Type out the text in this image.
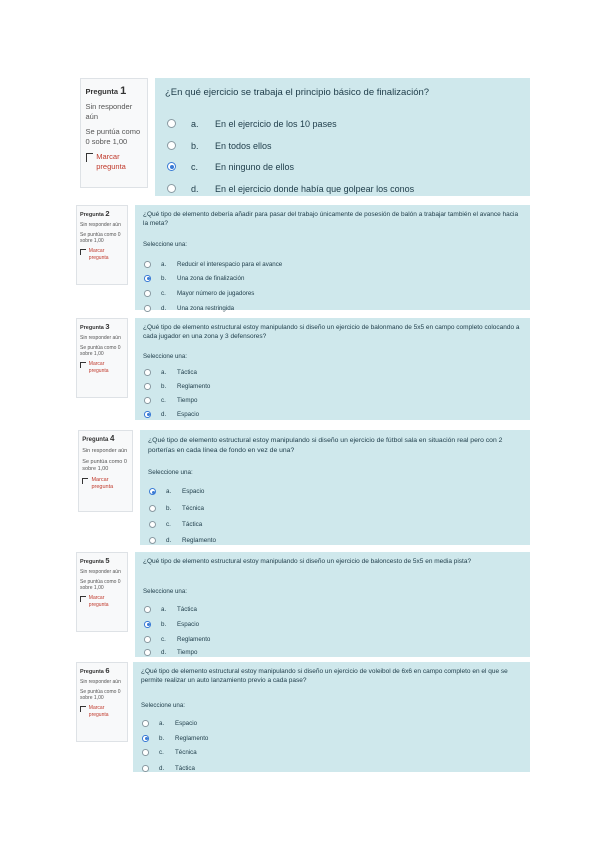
Pregunta 1
Sin responder aún
Se puntúa como 0 sobre 1,00
Marcar pregunta
¿En qué ejercicio se trabaja el principio básico de finalización?
a. En el ejercicio de los 10 pases
b. En todos ellos
c. En ninguno de ellos
d. En el ejercicio donde había que golpear los conos
Pregunta 2
Sin responder aún
Se puntúa como 0 sobre 1,00
Marcar pregunta
¿Qué tipo de elemento debería añadir para pasar del trabajo únicamente de posesión de balón a trabajar también el avance hacia la meta?
Seleccione una:
a. Reducir el interespacio para el avance
b. Una zona de finalización
c. Mayor número de jugadores
d. Una zona restringida
Pregunta 3
Sin responder aún
Se puntúa como 0 sobre 1,00
Marcar pregunta
¿Qué tipo de elemento estructural estoy manipulando si diseño un ejercicio de balonmano de 5x5 en campo completo colocando a cada jugador en una zona y 3 defensores?
Seleccione una:
a. Táctica
b. Reglamento
c. Tiempo
d. Espacio
Pregunta 4
Sin responder aún
Se puntúa como 0 sobre 1,00
Marcar pregunta
¿Qué tipo de elemento estructural estoy manipulando si diseño un ejercicio de fútbol sala en situación real pero con 2 porterías en cada línea de fondo en vez de una?
Seleccione una:
a. Espacio
b. Técnica
c. Táctica
d. Reglamento
Pregunta 5
Sin responder aún
Se puntúa como 0 sobre 1,00
Marcar pregunta
¿Qué tipo de elemento estructural estoy manipulando si diseño un ejercicio de baloncesto de 5x5 en media pista?
Seleccione una:
a. Táctica
b. Espacio
c. Reglamento
d. Tiempo
Pregunta 6
Sin responder aún
Se puntúa como 0 sobre 1,00
Marcar pregunta
¿Qué tipo de elemento estructural estoy manipulando si diseño un ejercicio de voleibol de 6x6 en campo completo en el que se permite realizar un auto lanzamiento previo a cada pase?
Seleccione una:
a. Espacio
b. Reglamento
c. Técnica
d. Táctica
